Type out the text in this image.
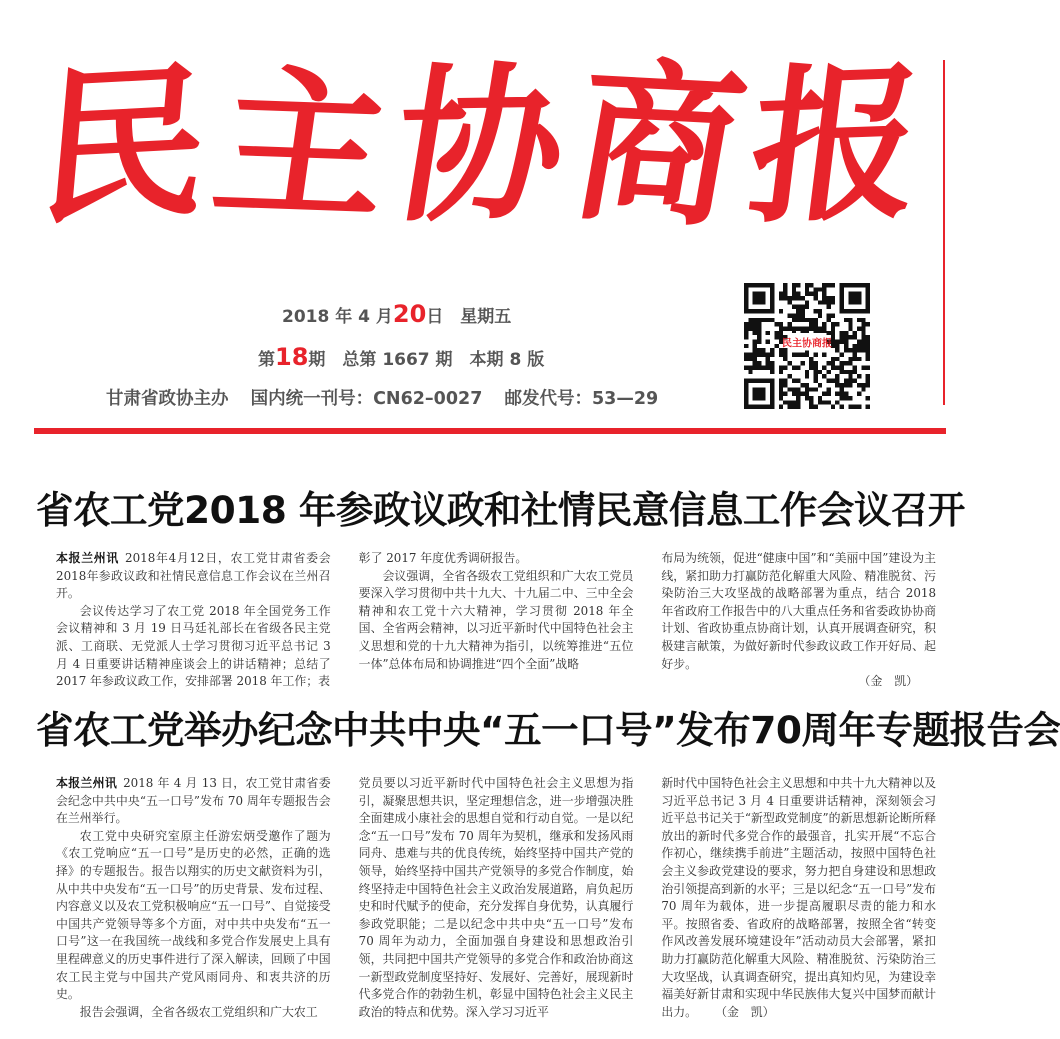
民
主
协
商
报
2018 年 4 月20日　星期五
第18期　总第 1667 期　本期 8 版
甘肃省政协主办 国内统一刊号：CN62–0027 邮发代号：53—29
民主协商报
省农工党2018 年参政议政和社情民意信息工作会议召开

本报兰州讯 2018年4月12日，农工党甘肃省委会2018年参政议政和社情民意信息工作会议在兰州召开。

会议传达学习了农工党 2018 年全国党务工作会议精神和 3 月 19 日马廷礼部长在省级各民主党派、工商联、无党派人士学习贯彻习近平总书记 3 月 4 日重要讲话精神座谈会上的讲话精神；总结了 2017 年参政议政工作，安排部署 2018 年工作；表

彰了 2017 年度优秀调研报告。

会议强调，全省各级农工党组织和广大农工党员要深入学习贯彻中共十九大、十九届二中、三中全会精神和农工党十六大精神，学习贯彻 2018 年全国、全省两会精神，以习近平新时代中国特色社会主义思想和党的十九大精神为指引，以统筹推进“五位一体”总体布局和协调推进“四个全面”战略

布局为统领，促进“健康中国”和“美丽中国”建设为主线，紧扣助力打赢防范化解重大风险、精准脱贫、污染防治三大攻坚战的战略部署为重点，结合 2018 年省政府工作报告中的八大重点任务和省委政协协商计划、省政协重点协商计划，认真开展调查研究，积极建言献策，为做好新时代参政议政工作开好局、起好步。

（金　凯）

省农工党举办纪念中共中央“五一口号”发布70周年专题报告会

本报兰州讯 2018 年 4 月 13 日，农工党甘肃省委会纪念中共中央“五一口号”发布 70 周年专题报告会在兰州举行。

农工党中央研究室原主任游宏炳受邀作了题为《农工党响应“五一口号”是历史的必然，正确的选择》的专题报告。报告以翔实的历史文献资料为引，从中共中央发布“五一口号”的历史背景、发布过程、内容意义以及农工党积极响应“五一口号”、自觉接受中国共产党领导等多个方面，对中共中央发布“五一口号”这一在我国统一战线和多党合作发展史上具有里程碑意义的历史事件进行了深入解读，回顾了中国农工民主党与中国共产党风雨同舟、和衷共济的历史。

报告会强调，全省各级农工党组织和广大农工

党员要以习近平新时代中国特色社会主义思想为指引，凝聚思想共识，坚定理想信念，进一步增强决胜全面建成小康社会的思想自觉和行动自觉。一是以纪念“五一口号”发布 70 周年为契机，继承和发扬风雨同舟、患难与共的优良传统，始终坚持中国共产党的领导，始终坚持中国共产党领导的多党合作制度，始终坚持走中国特色社会主义政治发展道路，肩负起历史和时代赋予的使命，充分发挥自身优势，认真履行参政党职能；二是以纪念中共中央“五一口号”发布 70 周年为动力，全面加强自身建设和思想政治引领，共同把中国共产党领导的多党合作和政治协商这一新型政党制度坚持好、发展好、完善好，展现新时代多党合作的勃勃生机，彰显中国特色社会主义民主政治的特点和优势。深入学习习近平

新时代中国特色社会主义思想和中共十九大精神以及习近平总书记 3 月 4 日重要讲话精神，深刻领会习近平总书记关于“新型政党制度”的新思想新论断所释放出的新时代多党合作的最强音，扎实开展“不忘合作初心，继续携手前进”主题活动，按照中国特色社会主义参政党建设的要求，努力把自身建设和思想政治引领提高到新的水平；三是以纪念“五一口号”发布 70 周年为载体，进一步提高履职尽责的能力和水平。按照省委、省政府的战略部署，按照全省“转变作风改善发展环境建设年”活动动员大会部署，紧扣助力打赢防范化解重大风险、精准脱贫、污染防治三大攻坚战，认真调查研究，提出真知灼见，为建设幸福美好新甘肃和实现中华民族伟大复兴中国梦而献计出力。 （金　凯）
